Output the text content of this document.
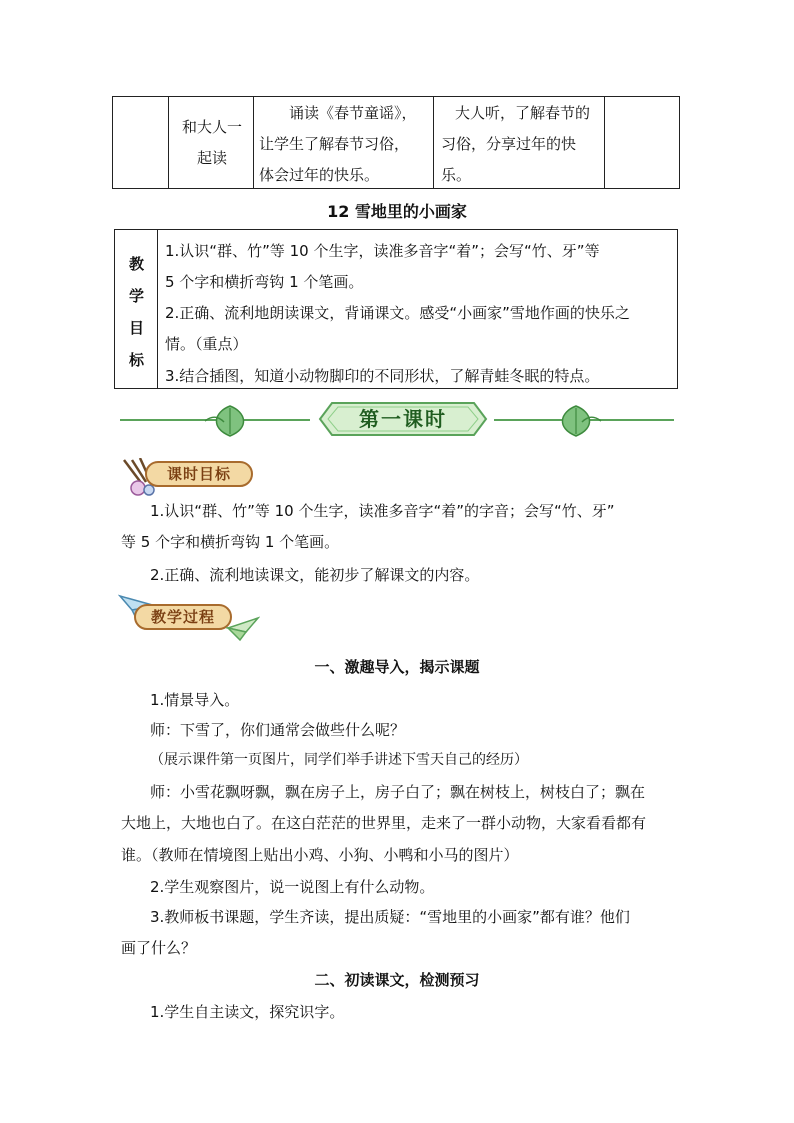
和大人一
起读
诵读《春节童谣》，
让学生了解春节习俗，
体会过年的快乐。
大人听，了解春节的
习俗，分享过年的快
乐。
12 雪地里的小画家
教
学
目
标
1.认识“群、竹”等 10 个生字，读准多音字“着”；会写“竹、牙”等
5 个字和横折弯钩 1 个笔画。
2.正确、流利地朗读课文，背诵课文。感受“小画家”雪地作画的快乐之
情。（重点）
3.结合插图，知道小动物脚印的不同形状，了解青蛙冬眠的特点。
第一课时
课时目标
1.认识“群、竹”等 10 个生字，读准多音字“着”的字音；会写“竹、牙”
等 5 个字和横折弯钩 1 个笔画。
2.正确、流利地读课文，能初步了解课文的内容。
教学过程
一、激趣导入，揭示课题
1.情景导入。
师：下雪了，你们通常会做些什么呢？
（展示课件第一页图片，同学们举手讲述下雪天自己的经历）
师：小雪花飘呀飘，飘在房子上，房子白了；飘在树枝上，树枝白了；飘在
大地上，大地也白了。在这白茫茫的世界里，走来了一群小动物，大家看看都有
谁。（教师在情境图上贴出小鸡、小狗、小鸭和小马的图片）
2.学生观察图片，说一说图上有什么动物。
3.教师板书课题，学生齐读，提出质疑：“雪地里的小画家”都有谁？他们
画了什么？
二、初读课文，检测预习
1.学生自主读文，探究识字。
